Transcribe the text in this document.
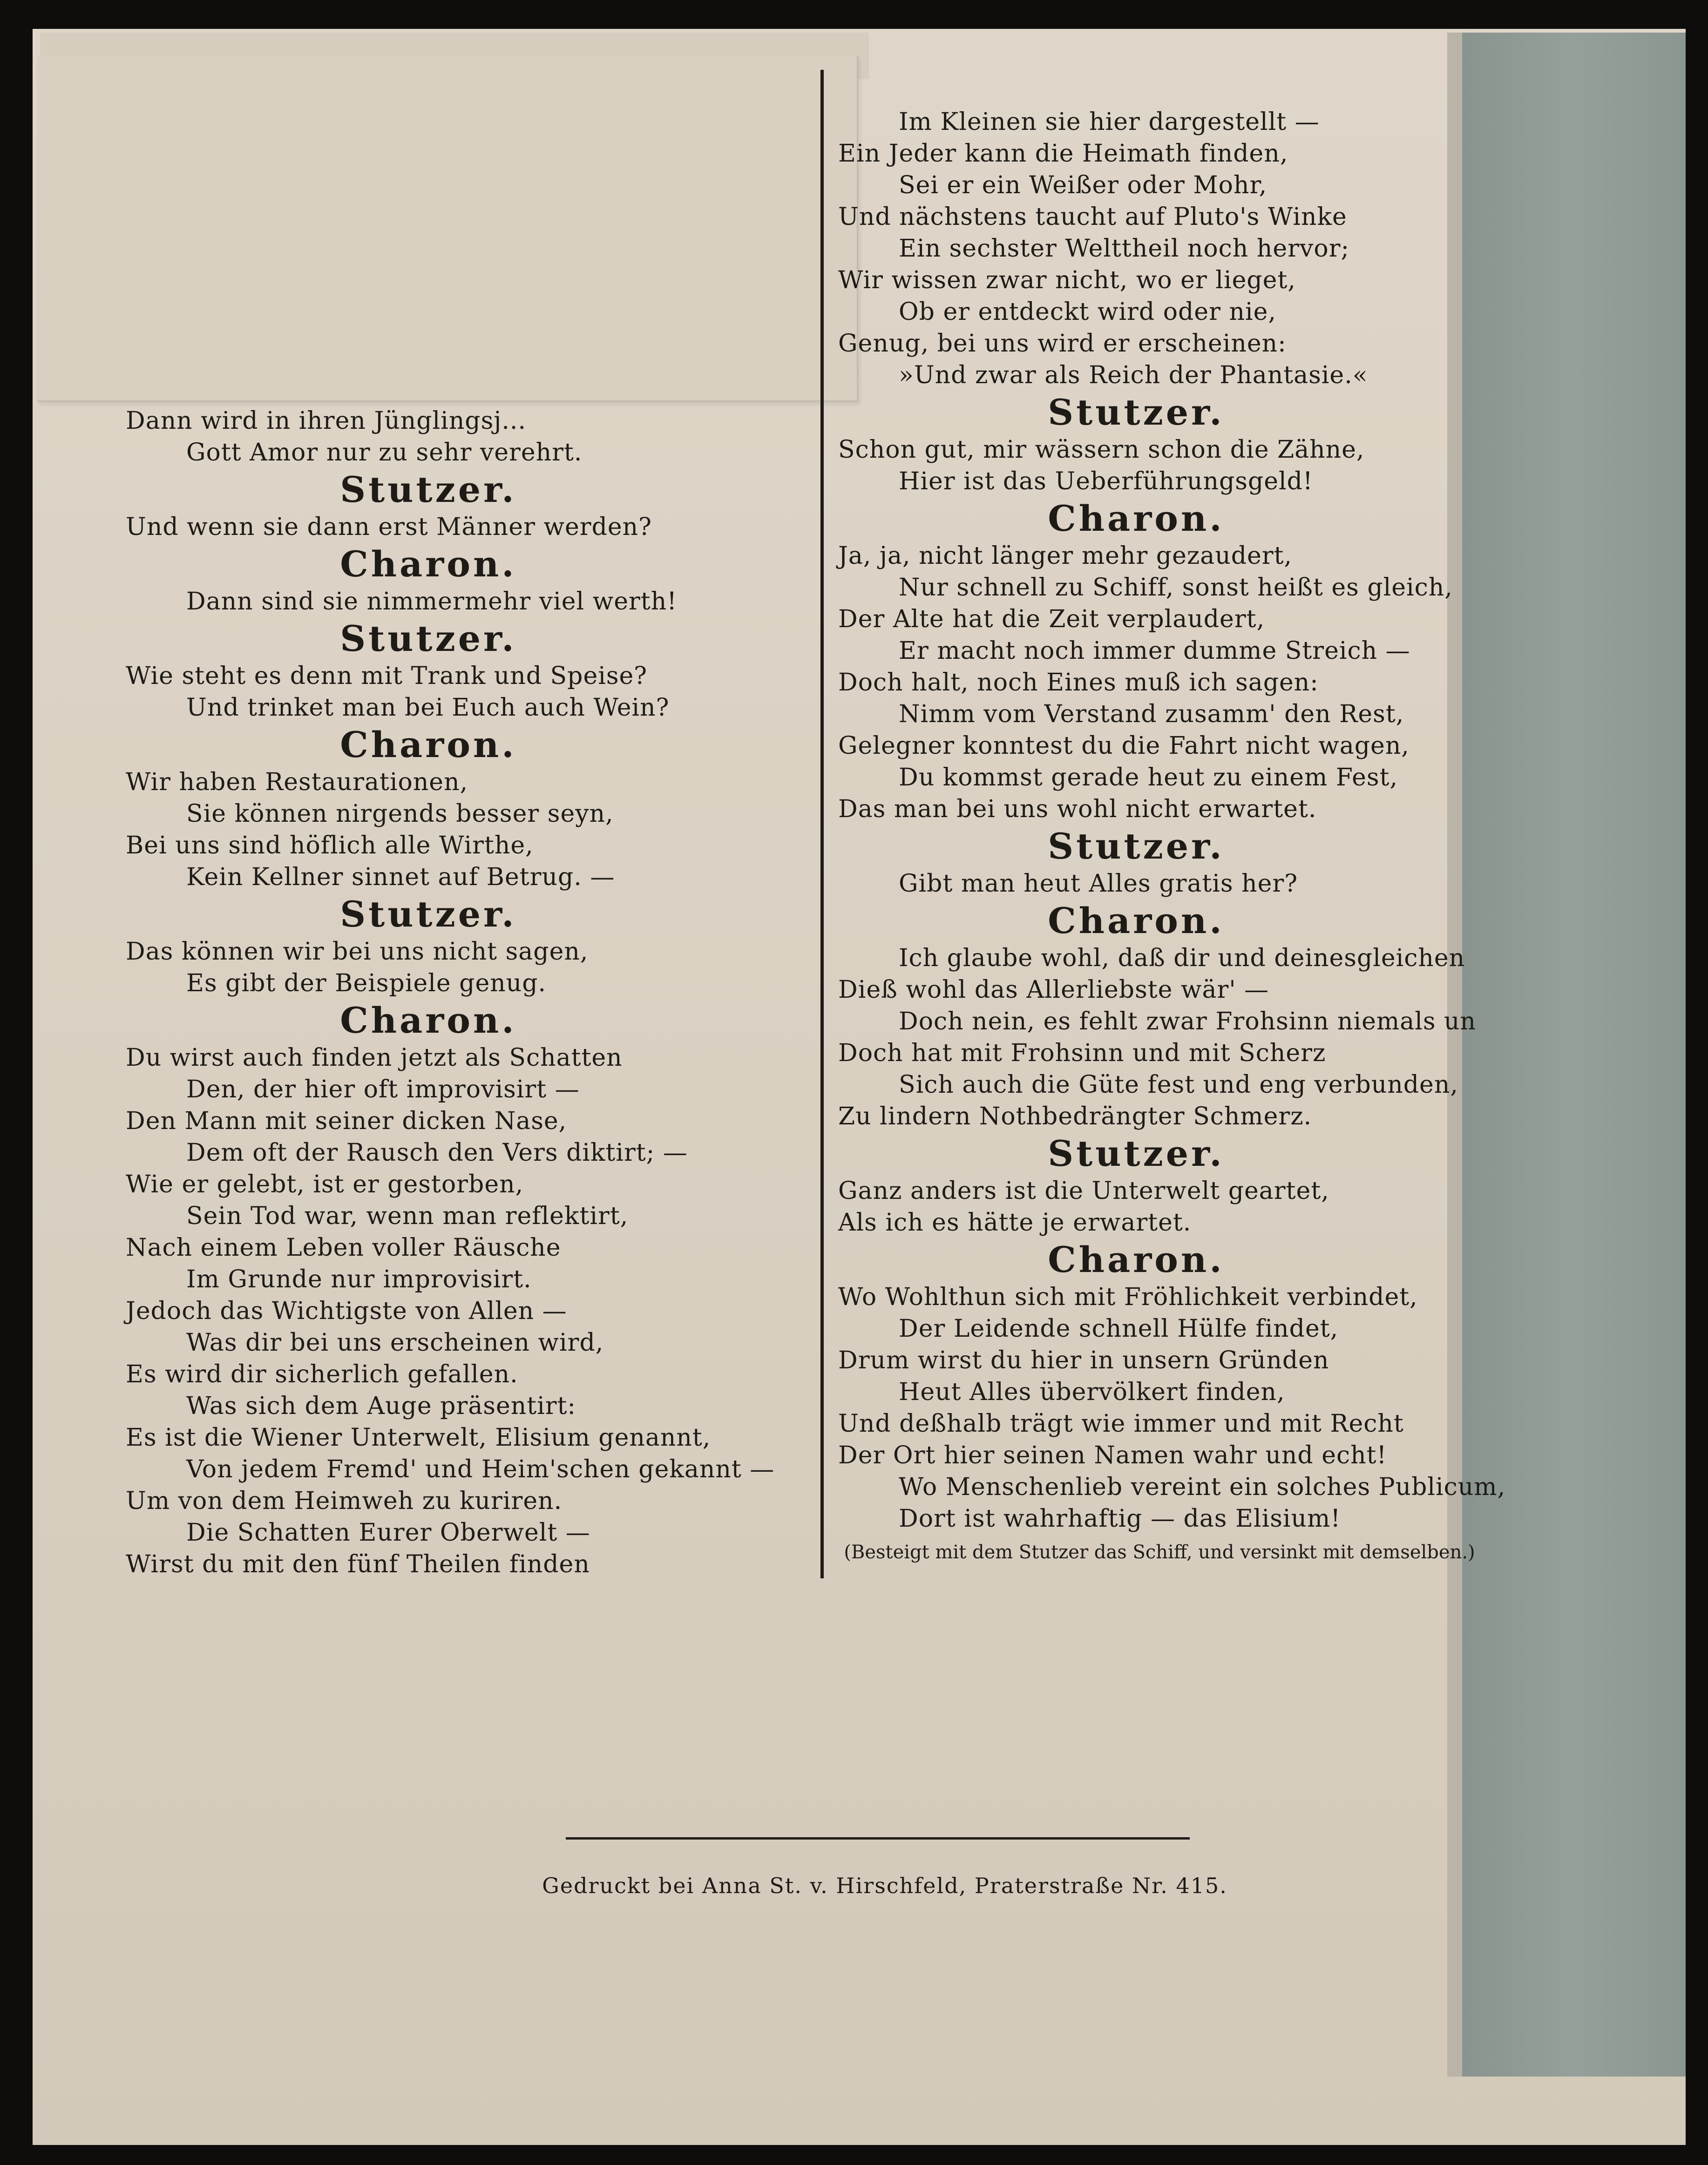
Dann wird in ihren Jünglingsj...
Gott Amor nur zu sehr verehrt.
Stutzer.
Und wenn sie dann erst Männer werden?
Charon.
Dann sind sie nimmermehr viel werth!
Stutzer.
Wie steht es denn mit Trank und Speise?
Und trinket man bei Euch auch Wein?
Charon.
Wir haben Restaurationen,
Sie können nirgends besser seyn,
Bei uns sind höflich alle Wirthe,
Kein Kellner sinnet auf Betrug. —
Stutzer.
Das können wir bei uns nicht sagen,
Es gibt der Beispiele genug.
Charon.
Du wirst auch finden jetzt als Schatten
Den, der hier oft improvisirt —
Den Mann mit seiner dicken Nase,
Dem oft der Rausch den Vers diktirt; —
Wie er gelebt, ist er gestorben,
Sein Tod war, wenn man reflektirt,
Nach einem Leben voller Räusche
Im Grunde nur improvisirt.
Jedoch das Wichtigste von Allen —
Was dir bei uns erscheinen wird,
Es wird dir sicherlich gefallen.
Was sich dem Auge präsentirt:
Es ist die Wiener Unterwelt, Elisium genannt,
Von jedem Fremd' und Heim'schen gekannt —
Um von dem Heimweh zu kuriren.
Die Schatten Eurer Oberwelt —
Wirst du mit den fünf Theilen finden
Im Kleinen sie hier dargestellt —
Ein Jeder kann die Heimath finden,
Sei er ein Weißer oder Mohr,
Und nächstens taucht auf Pluto's Winke
Ein sechster Welttheil noch hervor;
Wir wissen zwar nicht, wo er lieget,
Ob er entdeckt wird oder nie,
Genug, bei uns wird er erscheinen:
»Und zwar als Reich der Phantasie.«
Stutzer.
Schon gut, mir wässern schon die Zähne,
Hier ist das Ueberführungsgeld!
Charon.
Ja, ja, nicht länger mehr gezaudert,
Nur schnell zu Schiff, sonst heißt es gleich,
Der Alte hat die Zeit verplaudert,
Er macht noch immer dumme Streich —
Doch halt, noch Eines muß ich sagen:
Nimm vom Verstand zusamm' den Rest,
Gelegner konntest du die Fahrt nicht wagen,
Du kommst gerade heut zu einem Fest,
Das man bei uns wohl nicht erwartet.
Stutzer.
Gibt man heut Alles gratis her?
Charon.
Ich glaube wohl, daß dir und deinesgleichen
Dieß wohl das Allerliebste wär' —
Doch nein, es fehlt zwar Frohsinn niemals un
Doch hat mit Frohsinn und mit Scherz
Sich auch die Güte fest und eng verbunden,
Zu lindern Nothbedrängter Schmerz.
Stutzer.
Ganz anders ist die Unterwelt geartet,
Als ich es hätte je erwartet.
Charon.
Wo Wohlthun sich mit Fröhlichkeit verbindet,
Der Leidende schnell Hülfe findet,
Drum wirst du hier in unsern Gründen
Heut Alles übervölkert finden,
Und deßhalb trägt wie immer und mit Recht
Der Ort hier seinen Namen wahr und echt!
Wo Menschenlieb vereint ein solches Publicum,
Dort ist wahrhaftig — das Elisium!
(Besteigt mit dem Stutzer das Schiff, und versinkt mit demselben.)
Gedruckt bei Anna St. v. Hirschfeld, Praterstraße Nr. 415.
